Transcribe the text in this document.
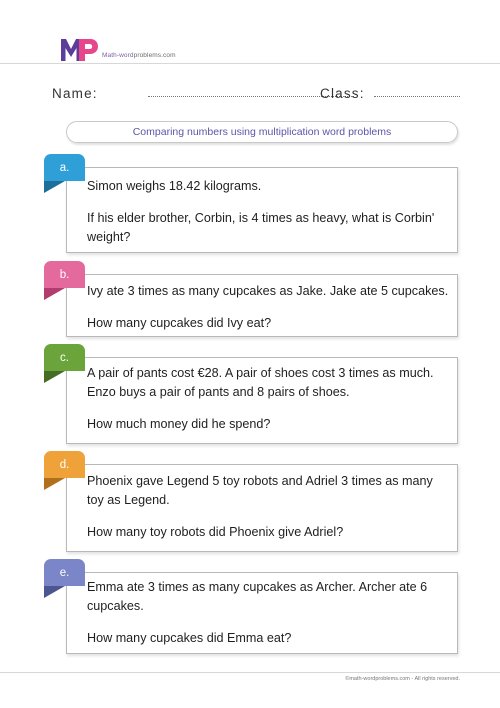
Math-wordproblems.com
Name:	Class:
Comparing numbers using multiplication word problems
Simon weighs 18.42 kilograms.
If his elder brother, Corbin, is 4 times as heavy, what is Corbin'
weight?
a.
Ivy ate 3 times as many cupcakes as Jake. Jake ate 5 cupcakes.
How many cupcakes did Ivy eat?
b.
A pair of pants cost €28. A pair of shoes cost 3 times as much.
Enzo buys a pair of pants and 8 pairs of shoes.
How much money did he spend?
c.
Phoenix gave Legend 5 toy robots and Adriel 3 times as many
toy as Legend.
How many toy robots did Phoenix give Adriel?
d.
Emma ate 3 times as many cupcakes as Archer. Archer ate 6
cupcakes.
How many cupcakes did Emma eat?
e.
©math-wordproblems.com - All rights reserved.
